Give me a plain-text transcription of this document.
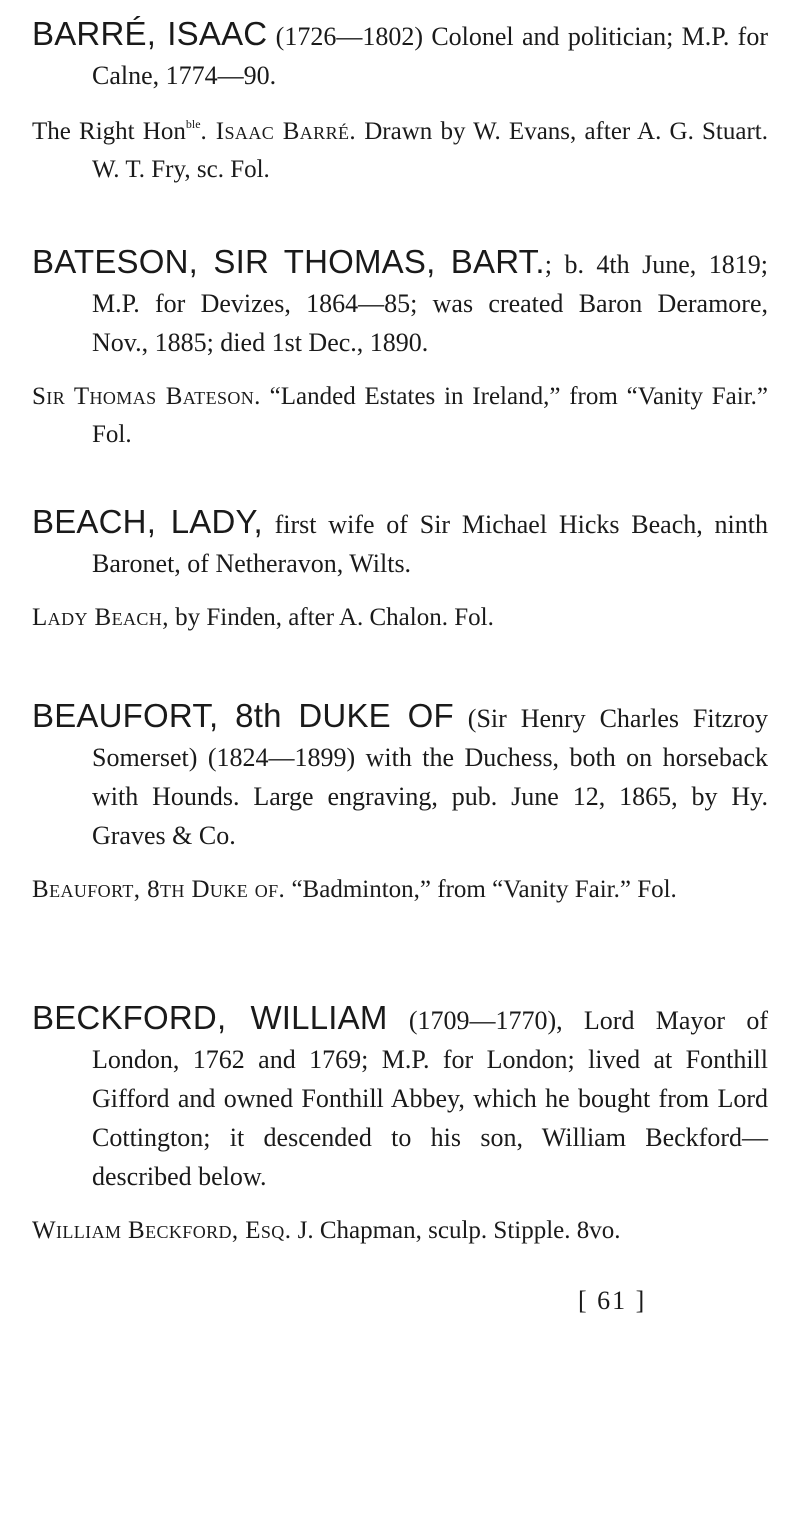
BARRÉ, ISAAC (1726—1802) Colonel and politician; M.P. for Calne, 1774—90.

The Right Hon$^{ble}$. Isaac Barré. Drawn by W. Evans, after A. G. Stuart. W. T. Fry, sc. Fol.

BATESON, SIR THOMAS, BART.; b. 4th June, 1819; M.P. for Devizes, 1864—85; was created Baron Deramore, Nov., 1885; died 1st Dec., 1890.

Sir Thomas Bateson. “Landed Estates in Ireland,” from “Vanity Fair.” Fol.

BEACH, LADY, first wife of Sir Michael Hicks Beach, ninth Baronet, of Netheravon, Wilts.

Lady Beach, by Finden, after A. Chalon. Fol.

BEAUFORT, 8th DUKE OF (Sir Henry Charles Fitzroy Somerset) (1824—1899) with the Duchess, both on horseback with Hounds. Large engraving, pub. June 12, 1865, by Hy. Graves & Co.

Beaufort, 8th Duke of. “Badminton,” from “Vanity Fair.” Fol.

BECKFORD, WILLIAM (1709—1770), Lord Mayor of London, 1762 and 1769; M.P. for London; lived at Fonthill Gifford and owned Fonthill Abbey, which he bought from Lord Cottington; it descended to his son, William Beckford—described below.

William Beckford, Esq. J. Chapman, sculp. Stipple. 8vo.

[ 61 ]
